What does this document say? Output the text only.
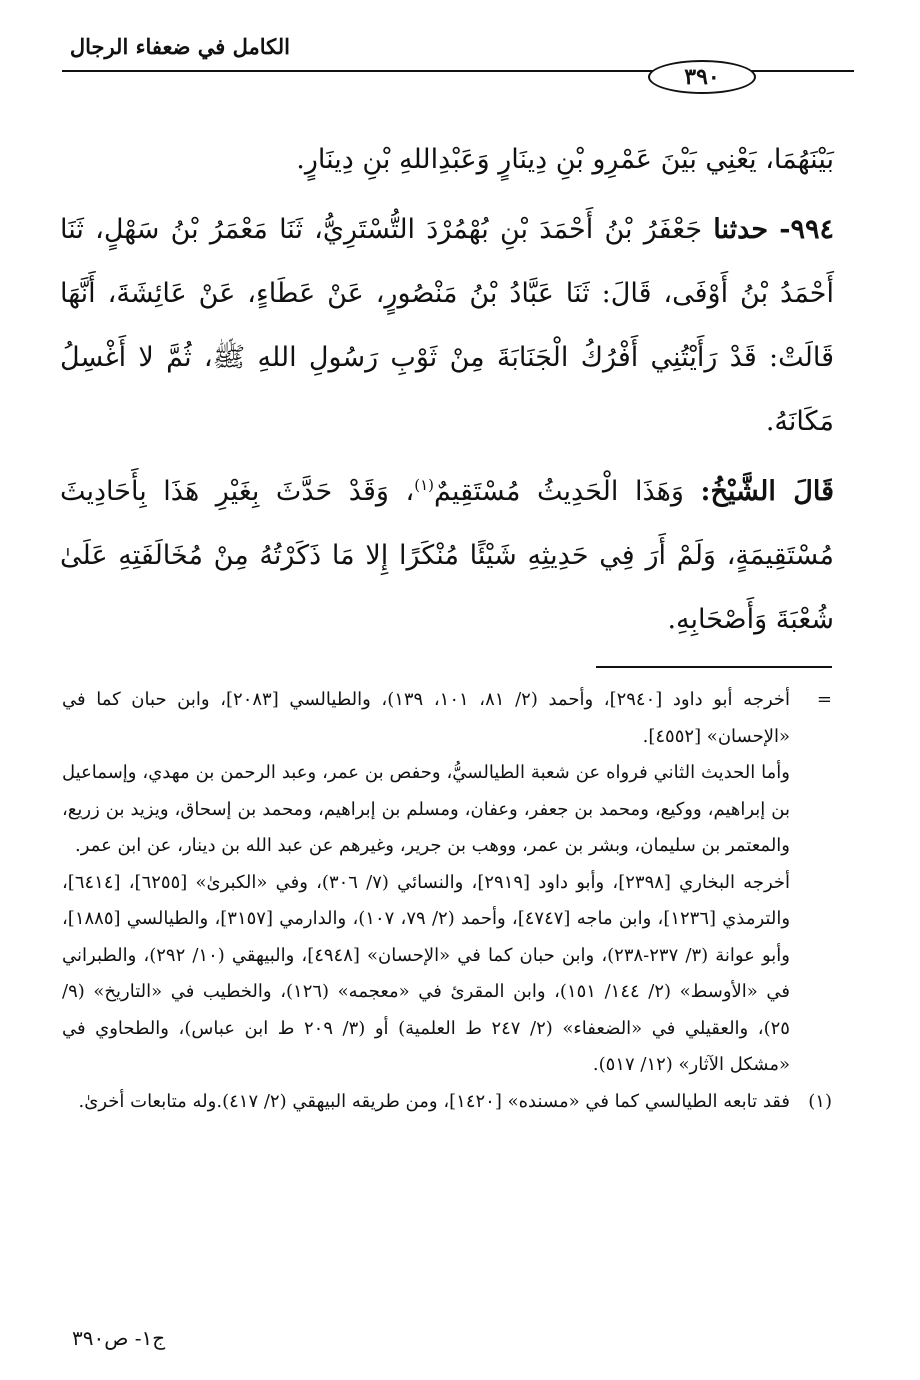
الكامل في ضعفاء الرجال
٣٩٠

بَيْنَهُمَا، يَعْنِي بَيْنَ عَمْرِو بْنِ دِينَارٍ وَعَبْدِاللهِ بْنِ دِينَارٍ.

٩٩٤- حدثنا جَعْفَرُ بْنُ أَحْمَدَ بْنِ بُهْمُرْدَ التُّسْتَرِيُّ، ثَنَا مَعْمَرُ بْنُ سَهْلٍ، ثَنَا أَحْمَدُ بْنُ أَوْفَى، قَالَ: ثَنَا عَبَّادُ بْنُ مَنْصُورٍ، عَنْ عَطَاءٍ، عَنْ عَائِشَةَ، أَنَّهَا قَالَتْ: قَدْ رَأَيْتُنِي أَفْرُكُ الْجَنَابَةَ مِنْ ثَوْبِ رَسُولِ اللهِ ﷺ، ثُمَّ لا أَغْسِلُ مَكَانَهُ.

قَالَ الشَّيْخُ: وَهَذَا الْحَدِيثُ مُسْتَقِيمٌ$^{(١)}$، وَقَدْ حَدَّثَ بِغَيْرِ هَذَا بِأَحَادِيثَ مُسْتَقِيمَةٍ، وَلَمْ أَرَ فِي حَدِيثِهِ شَيْئًا مُنْكَرًا إِلا مَا ذَكَرْتُهُ مِنْ مُخَالَفَتِهِ عَلَىٰ شُعْبَةَ وَأَصْحَابِهِ.

=
أخرجه أبو داود [٢٩٤٠]، وأحمد (٢/ ٨١، ١٠١، ١٣٩)، والطيالسي [٢٠٨٣]، وابن حبان كما في «الإحسان» [٤٥٥٢].

وأما الحديث الثاني فرواه عن شعبة الطيالسيُّ، وحفص بن عمر، وعبد الرحمن بن مهدي، وإسماعيل بن إبراهيم، ووكيع، ومحمد بن جعفر، وعفان، ومسلم بن إبراهيم، ومحمد بن إسحاق، ويزيد بن زريع، والمعتمر بن سليمان، وبشر بن عمر، ووهب بن جرير، وغيرهم عن عبد الله بن دينار، عن ابن عمر.

أخرجه البخاري [٢٣٩٨]، وأبو داود [٢٩١٩]، والنسائي (٧/ ٣٠٦)، وفي «الكبرىٰ» [٦٢٥٥]، [٦٤١٤]، والترمذي [١٢٣٦]، وابن ماجه [٤٧٤٧]، وأحمد (٢/ ٧٩، ١٠٧)، والدارمي [٣١٥٧]، والطيالسي [١٨٨٥]، وأبو عوانة (٣/ ٢٣٧-٢٣٨)، وابن حبان كما في «الإحسان» [٤٩٤٨]، والبيهقي (١٠/ ٢٩٢)، والطبراني في «الأوسط» (٢/ ١٤٤/ ١٥١)، وابن المقرئ في «معجمه» (١٢٦)، والخطيب في «التاريخ» (٩/ ٢٥)، والعقيلي في «الضعفاء» (٢/ ٢٤٧ ط العلمية) أو (٣/ ٢٠٩ ط ابن عباس)، والطحاوي في «مشكل الآثار» (١٢/ ٥١٧).

(١)
فقد تابعه الطيالسي كما في «مسنده» [١٤٢٠]، ومن طريقه البيهقي (٢/ ٤١٧).وله متابعات أخرىٰ.
ج١- ص٣٩٠
